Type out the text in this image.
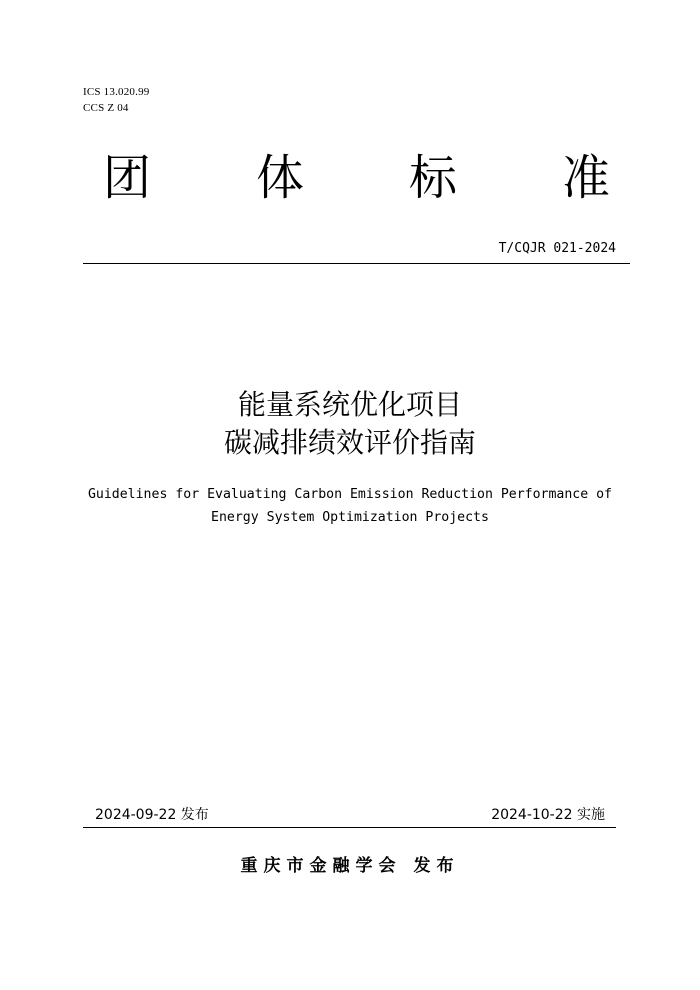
ICS 13.020.99
CCS Z 04
团	体	标	准
T/CQJR 021-2024
能量系统优化项目
碳减排绩效评价指南
Guidelines for Evaluating Carbon Emission Reduction Performance of
Energy System Optimization Projects
2024-09-22 发布	2024-10-22 实施
重庆市金融学会 发布
